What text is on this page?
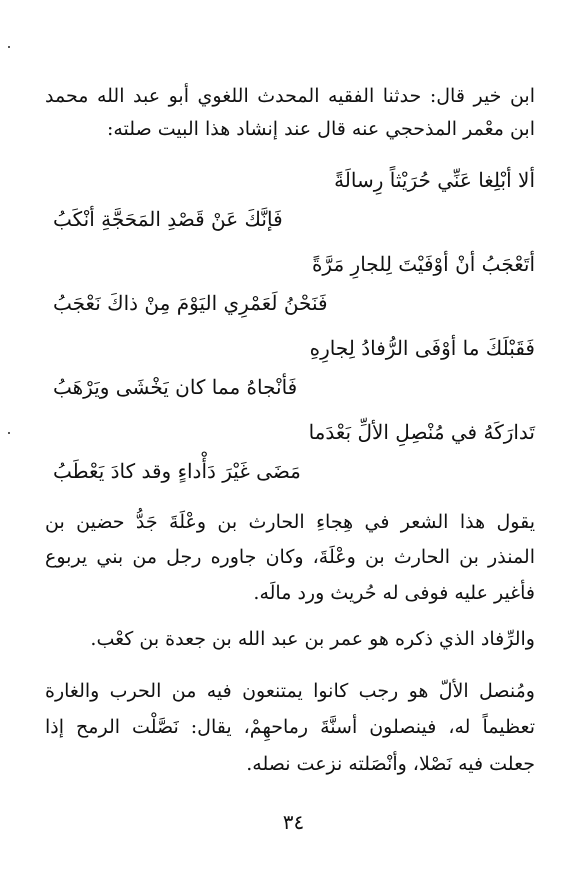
ابن خير قال: حدثنا الفقيه المحدث اللغوي أبو عبد الله محمد
ابن معْمر المذحجي عنه قال عند إنشاد هذا البيت صلته:
ألا أبْلِغا عَنِّي حُرَيْثاً رِسالَةً
فَإنَّكَ عَنْ قَصْدِ المَحَجَّةِ أنْكَبُ
أتَعْجَبُ أنْ أوْفَيْتَ لِلجارِ مَرَّةً
فَنَحْنُ لَعَمْرِي اليَوْمَ مِنْ ذاكَ نَعْجَبُ
فَقَبْلَكَ ما أوْفَى الرُّفادُ لِجارِهِ
فَأنْجاهُ مما كان يَخْشَى ويَرْهَبُ
تَدارَكَهُ في مُنْصِلِ الألِّ بَعْدَما
مَضَى غَيْرَ دَأْداءٍ وقد كادَ يَعْطَبُ
يقول هذا الشعر في هِجاءِ الحارث بن وعْلَةَ جَدُّ حضين بن
المنذر بن الحارث بن وعْلَةَ، وكان جاوره رجل من بني يربوع
فأغير عليه فوفى له حُريث ورد مالَه.
والرِّفاد الذي ذكره هو عمر بن عبد الله بن جعدة بن كعْب.
ومُنصل الألّ هو رجب كانوا يمتنعون فيه من الحرب والغارة
تعظيماً له، فينصلون أسنَّةَ رماحهِمْ، يقال: نَصَّلْت الرمح إذا
جعلت فيه نَصْلا، وأنْصَلته نزعت نصله.
٣٤
